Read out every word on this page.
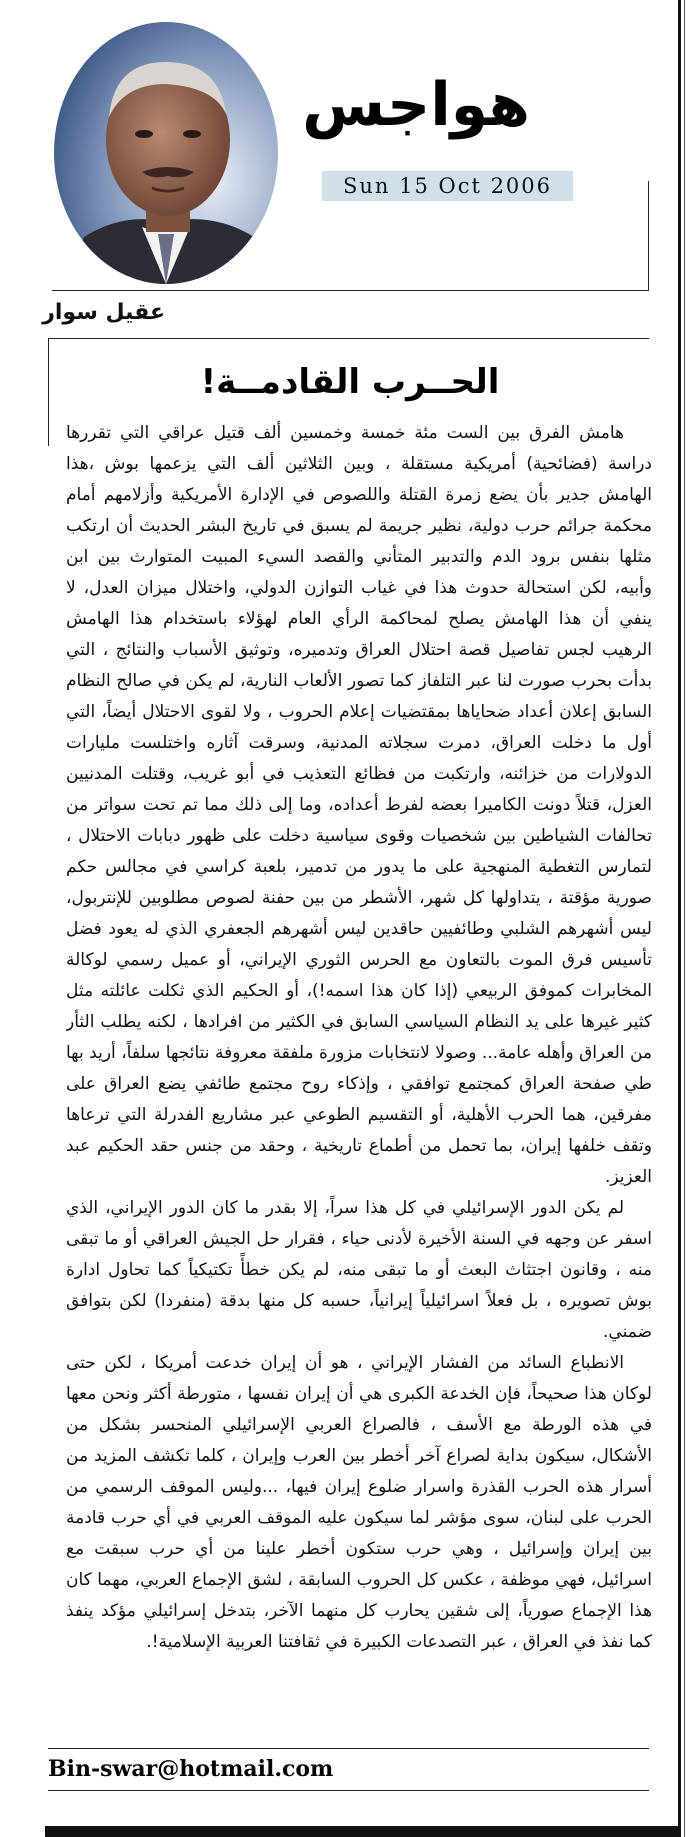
هواجس
Sun 15 Oct 2006
عقيل سوار
الحــرب القادمــة!

هامش الفرق بين الست مئة خمسة وخمسين ألف قتيل عراقي التي تقررها دراسة (فضائحية) أمريكية مستقلة ، وبين الثلاثين ألف التي يزعمها بوش ،هذا الهامش جدير بأن يضع زمرة القتلة واللصوص في الإدارة الأمريكية وأزلامهم أمام محكمة جرائم حرب دولية، نظير جريمة لم يسبق في تاريخ البشر الحديث أن ارتكب مثلها بنفس برود الدم والتدبير المتأني والقصد السيء المبيت المتوارث بين ابن وأبيه، لكن استحالة حدوث هذا في غياب التوازن الدولي، واختلال ميزان العدل، لا ينفي أن هذا الهامش يصلح لمحاكمة الرأي العام لهؤلاء باستخدام هذا الهامش الرهيب لجس تفاصيل قصة احتلال العراق وتدميره، وتوثيق الأسباب والنتائج ، التي بدأت بحرب صورت لنا عبر التلفاز كما تصور الألعاب النارية، لم يكن في صالح النظام السابق إعلان أعداد ضحاياها بمقتضيات إعلام الحروب ، ولا لقوى الاحتلال أيضاً، التي أول ما دخلت العراق، دمرت سجلاته المدنية، وسرقت آثاره واختلست مليارات الدولارات من خزائنه، وارتكبت من فظائع التعذيب في أبو غريب، وقتلت المدنيين العزل، قتلاً دونت الكاميرا بعضه لفرط أعداده، وما إلى ذلك مما تم تحت سواتر من تحالفات الشياطين بين شخصيات وقوى سياسية دخلت على ظهور دبابات الاحتلال ، لتمارس التغطية المنهجية على ما يدور من تدمير، بلعبة كراسي في مجالس حكم صورية مؤقتة ، يتداولها كل شهر، الأشطر من بين حفنة لصوص مطلوبين للإنتربول، ليس أشهرهم الشلبي وطائفيين حاقدين ليس أشهرهم الجعفري الذي له يعود فضل تأسيس فرق الموت بالتعاون مع الحرس الثوري الإيراني، أو عميل رسمي لوكالة المخابرات كموفق الربيعي (إذا كان هذا اسمه!)، أو الحكيم الذي ثكلت عائلته مثل كثير غيرها على يد النظام السياسي السابق في الكثير من افرادها ، لكنه يطلب الثأر من العراق وأهله عامة... وصولا لانتخابات مزورة ملفقة معروفة نتائجها سلفاً، أريد بها طي صفحة العراق كمجتمع توافقي ، وإذكاء روح مجتمع طائفي يضع العراق على مفرقين، هما الحرب الأهلية، أو التقسيم الطوعي عبر مشاريع الفدرلة التي ترعاها وتقف خلفها إيران، بما تحمل من أطماع تاريخية ، وحقد من جنس حقد الحكيم عبد العزيز.

لم يكن الدور الإسرائيلي في كل هذا سراً، إلا بقدر ما كان الدور الإيراني، الذي اسفر عن وجهه في السنة الأخيرة لأدنى حياء ، فقرار حل الجيش العراقي أو ما تبقى منه ، وقانون اجتثاث البعث أو ما تبقى منه، لم يكن خطأً تكتيكياً كما تحاول ادارة بوش تصويره ، بل فعلاً اسرائيلياً إيرانياً، حسبه كل منها بدقة (منفردا) لكن بتوافق ضمني.

الانطباع السائد من الفشار الإيراني ، هو أن إيران خدعت أمريكا ، لكن حتى لوكان هذا صحيحاً، فإن الخدعة الكبرى هي أن إيران نفسها ، متورطة أكثر ونحن معها في هذه الورطة مع الأسف ، فالصراع العربي الإسرائيلي المنحسر بشكل من الأشكال، سيكون بداية لصراع آخر أخطر بين العرب وإيران ، كلما تكشف المزيد من أسرار هذه الحرب القذرة واسرار ضلوع إيران فيها، ...وليس الموقف الرسمي من الحرب على لبنان، سوى مؤشر لما سيكون عليه الموقف العربي في أي حرب قادمة بين إيران وإسرائيل ، وهي حرب ستكون أخطر علينا من أي حرب سبقت مع اسرائيل، فهي موظفة ، عكس كل الحروب السابقة ، لشق الإجماع العربي، مهما كان هذا الإجماع صورياً، إلى شقين يحارب كل منهما الآخر، بتدخل إسرائيلي مؤكد ينفذ كما نفذ في العراق ، عبر التصدعات الكبيرة في ثقافتنا العربية الإسلامية!.

Bin-swar@hotmail.com
